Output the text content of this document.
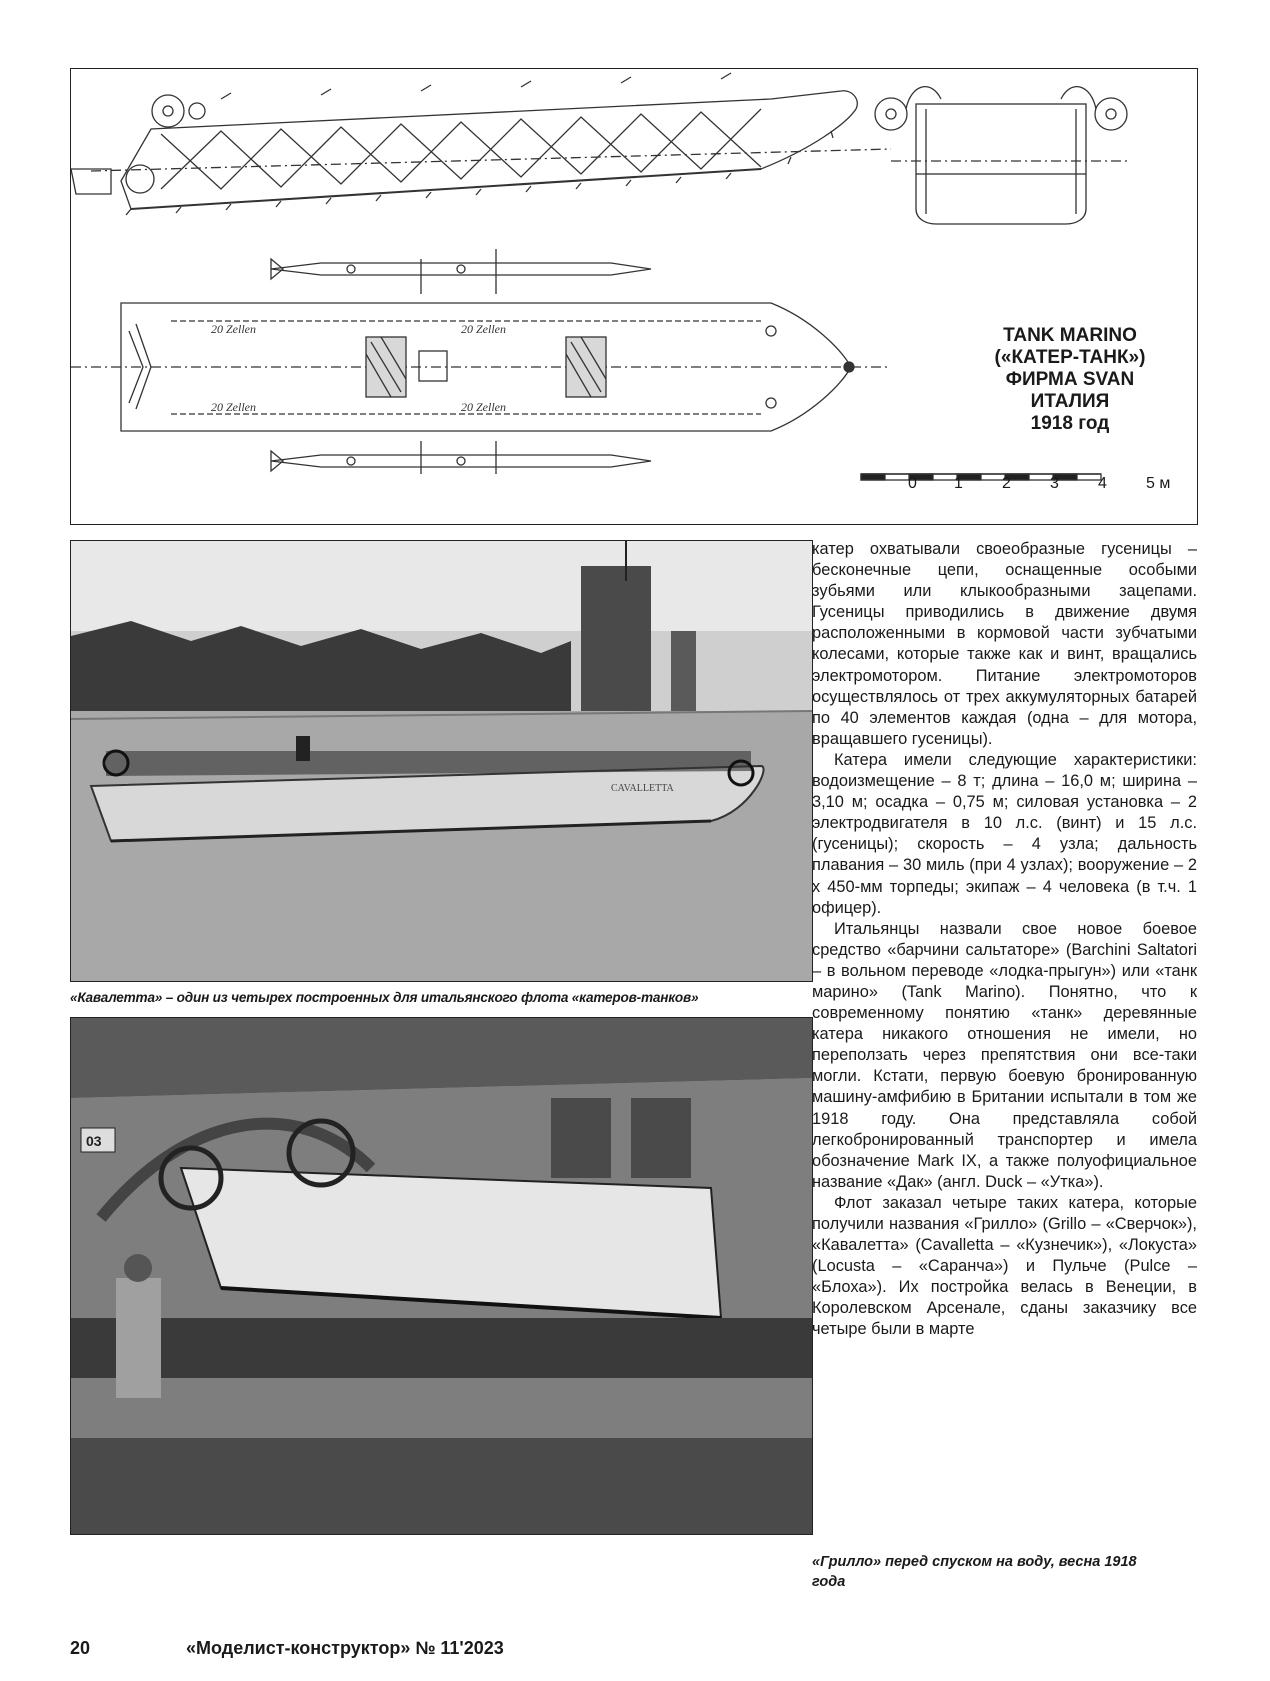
20 Zellen	20 Zellen
20 Zellen	20 Zellen
TANK MARINO
(«КАТЕР-ТАНК»)
ФИРМА SVAN
ИТАЛИЯ
1918 год
0 1 2 3 4 5 м
CAVALLETTA
«Кавалетта» – один из четырех построенных для итальянского флота «катеров-танков»
03

катер охватывали своеобразные гусеницы – бесконечные цепи, оснащенные особыми зубьями или клыкообразными зацепами. Гусеницы приводились в движение двумя расположенными в кормовой части зубчатыми колесами, которые также как и винт, вращались электромотором. Питание электромоторов осуществлялось от трех аккумуляторных батарей по 40 элементов каждая (одна – для мотора, вращавшего гусеницы).

Катера имели следующие характеристики: водоизмещение – 8 т; длина – 16,0 м; ширина – 3,10 м; осадка – 0,75 м; силовая установка – 2 электродвигателя в 10 л.с. (винт) и 15 л.с. (гусеницы); скорость – 4 узла; дальность плавания – 30 миль (при 4 узлах); вооружение – 2 х 450-мм торпеды; экипаж – 4 человека (в т.ч. 1 офицер).

Итальянцы назвали свое новое боевое средство «барчини сальтаторе» (Barchini Saltatori – в вольном переводе «лодка-прыгун») или «танк марино» (Tank Marino). Понятно, что к современному понятию «танк» деревянные катера никакого отношения не имели, но переползать через препятствия они все-таки могли. Кстати, первую боевую бронированную машину-амфибию в Британии испытали в том же 1918 году. Она представляла собой легкобронированный транспортер и имела обозначение Mark IX, а также полуофициальное название «Дак» (англ. Duck – «Утка»).

Флот заказал четыре таких катера, которые получили названия «Грилло» (Grillo – «Сверчок»), «Кавалетта» (Cavalletta – «Кузнечик»), «Локуста» (Locusta – «Саранча») и Пульче (Pulce – «Блоха»). Их постройка велась в Венеции, в Королевском Арсенале, сданы заказчику все четыре были в марте

«Грилло» перед спуском на воду, весна 1918 года
20	«Моделист-конструктор» № 11'2023
